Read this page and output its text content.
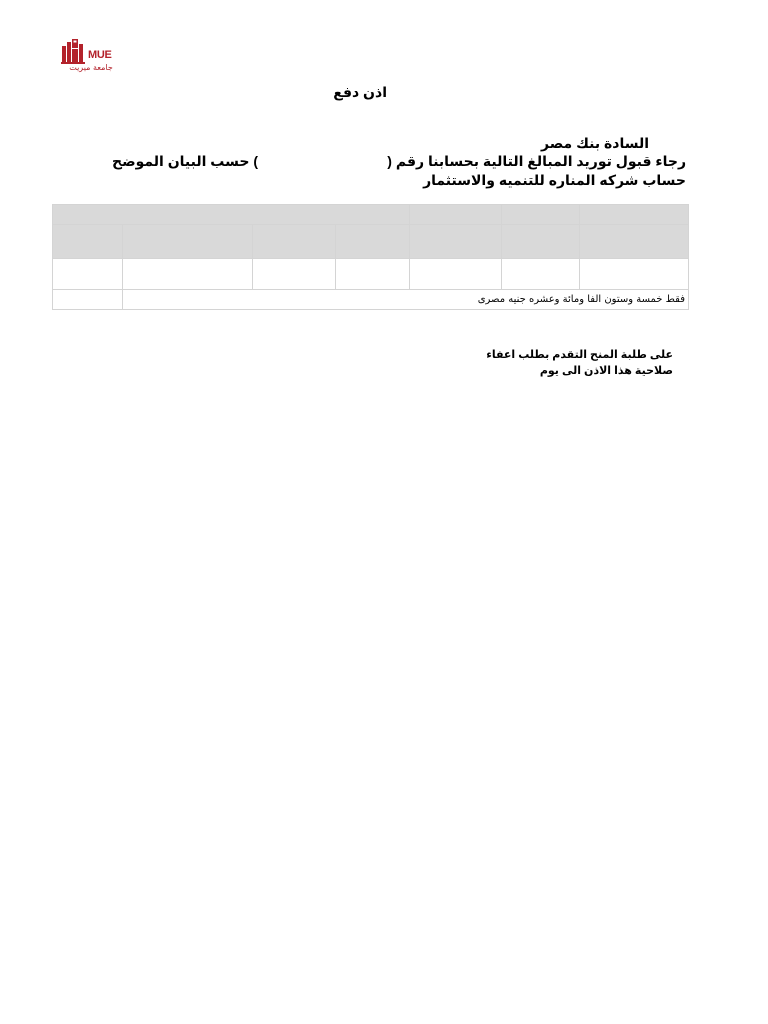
MUE
جامعة ميريت
اذن دفع
السادة بنك مصر
رجاء قبول توريد المبالغ التالية بحسابنا رقم (
) حسب البيان الموضح
حساب شركه المناره للتنميه والاستثمار

	فقط خمسة وستون الفا ومائة وعشره جنيه مصرى					
على طلبة المنح التقدم بطلب اعفاء
صلاحية هذا الاذن الى يوم
